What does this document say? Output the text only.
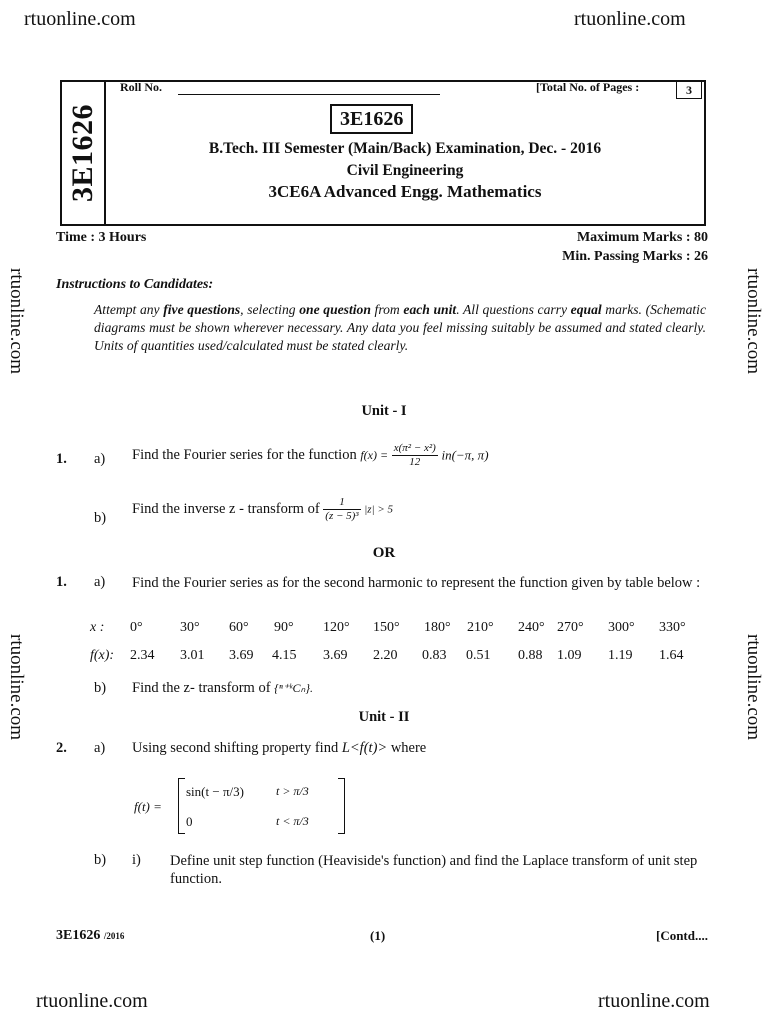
rtuonline.com	rtuonline.com
rtuonline.com	rtuonline.com
rtuonline.com
rtuonline.com
rtuonline.com
rtuonline.com
3E1626
Roll No.	[Total No. of Pages :	3
3E1626
B.Tech. III Semester (Main/Back) Examination, Dec. - 2016
Civil Engineering
3CE6A Advanced Engg. Mathematics
Time : 3 Hours	Maximum Marks : 80
Min. Passing Marks : 26
Instructions to Candidates:
Attempt any five questions, selecting one question from each unit. All questions carry equal marks. (Schematic diagrams must be shown wherever necessary. Any data you feel missing suitably be assumed and stated clearly. Units of quantities used/calculated must be stated clearly.
Unit - I
1. a) Find the Fourier series for the function $f(x) = \frac{\text{x(π² − x²)}}{12} in(-\pi$, π)
b)
Find the inverse z - transform of $\frac{1}{\text{(z − 5)³}} |z| > 5$
OR
1. a) Find the Fourier series as for the second harmonic to represent the function given by table below :
x : 0°	30° 60° 90° 120° 150° 180° 210° 240° 270° 300° 330°
f(x): 2.34 3.01 3.69 4.15 3.69 2.20 0.83 0.51 0.88 1.09 1.19 1.64
b) Find the z- transform of {ⁿ⁺ᵏCₙ}.
Unit - II
2. a) Using second shifting property find L<f(t)> where
f(t) =
sin(t − π/3)	t > π/3
0	t < π/3
b) i) Define unit step function (Heaviside's function) and find the Laplace transform of unit step function.
3E1626 /2016	(1)	[Contd....
